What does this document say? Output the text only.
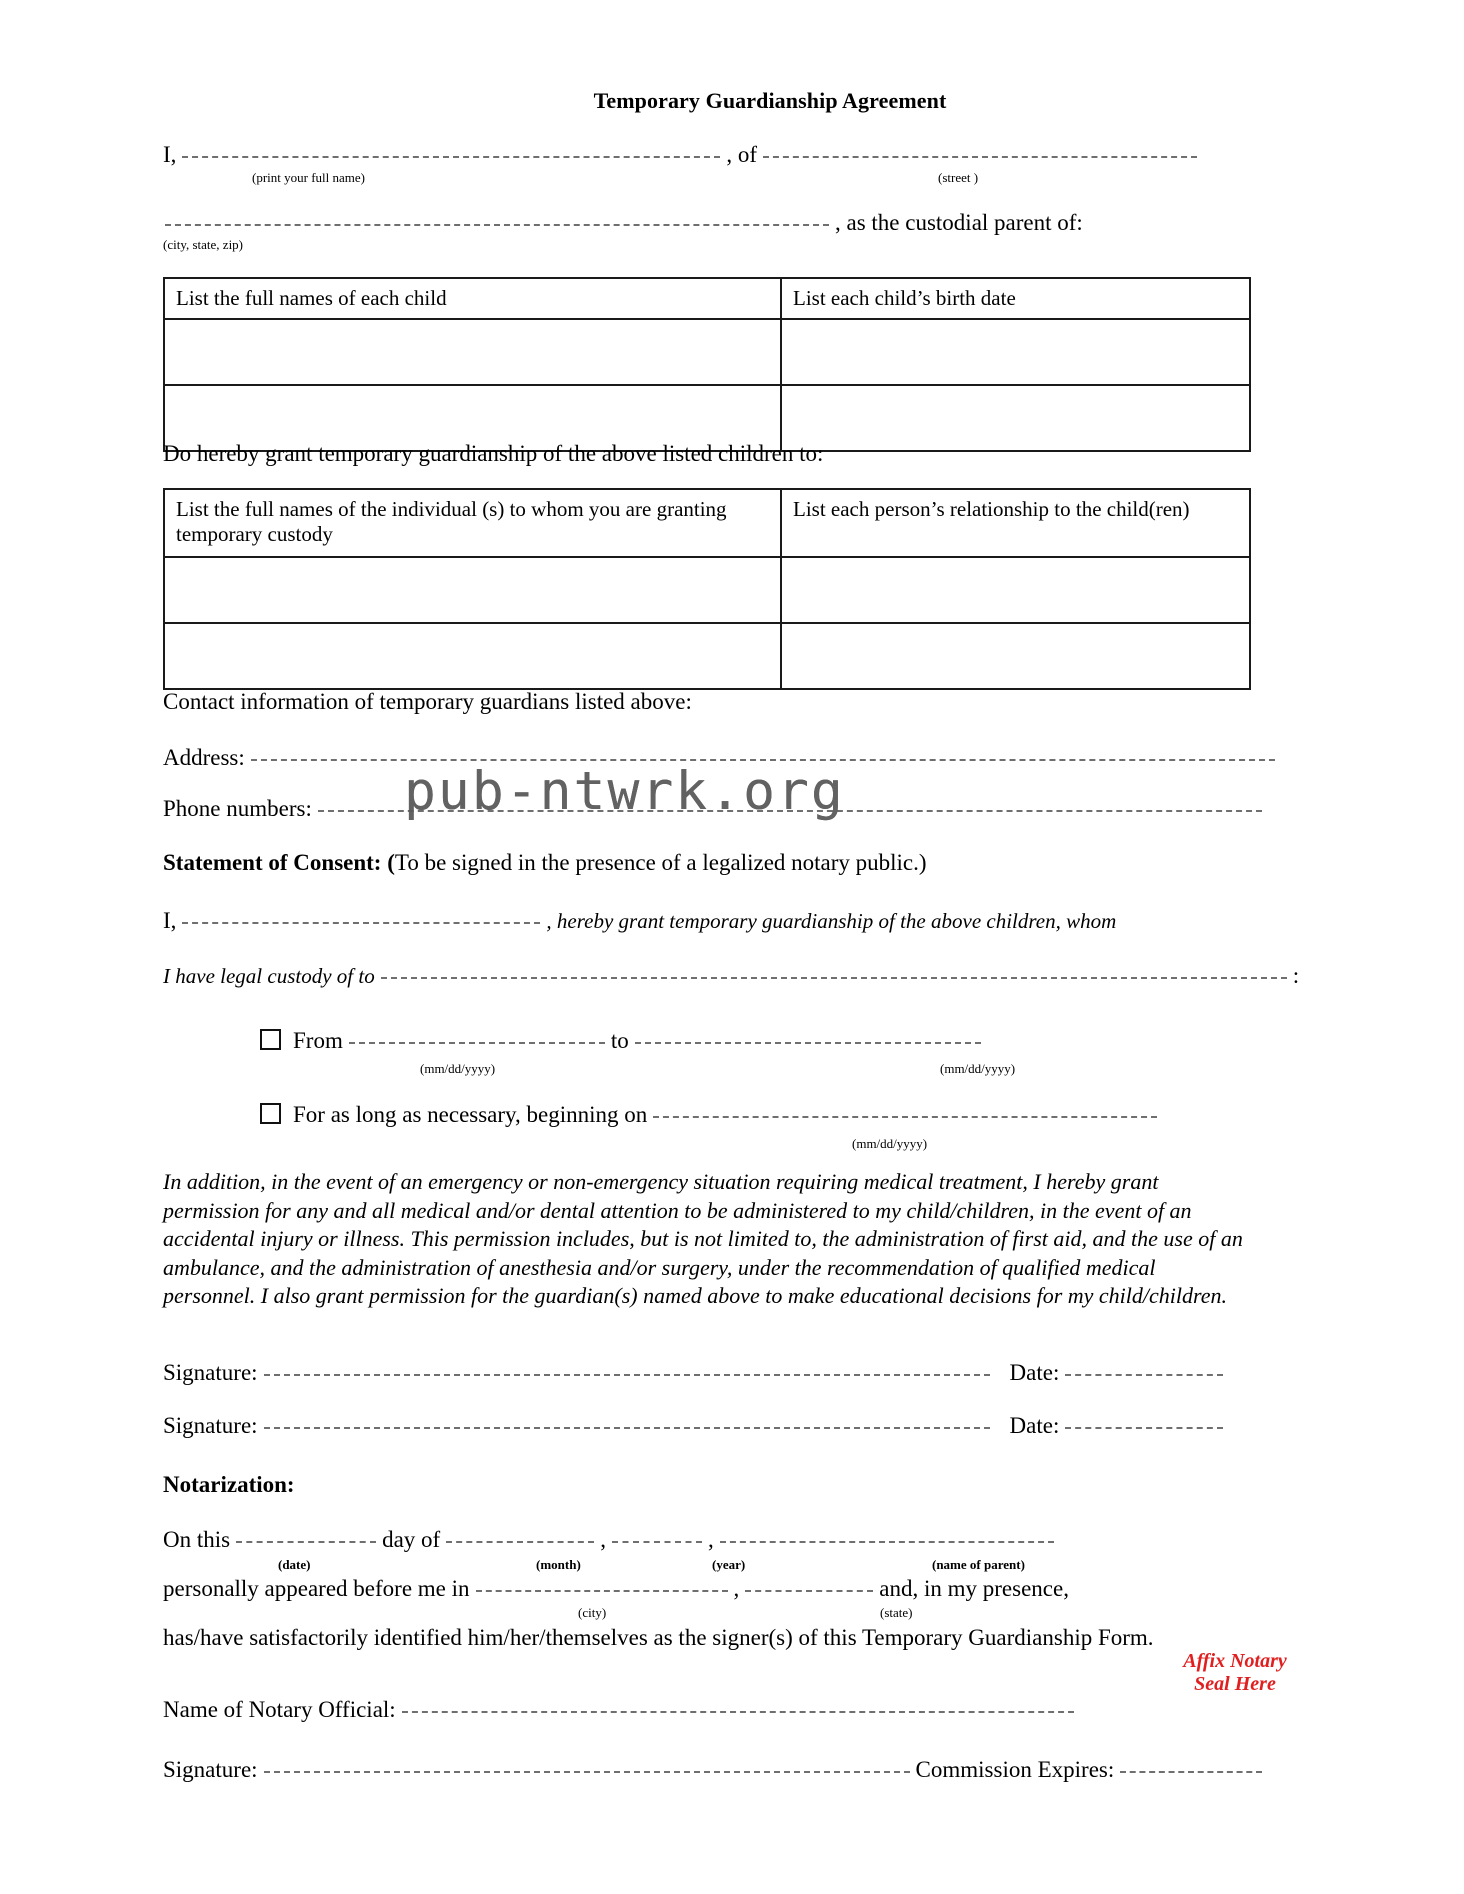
Temporary Guardianship Agreement
I,	, of
(print your full name)	(street )
, as the custodial parent of:
(city, state, zip)
List the full names of each child	List each child’s birth date

Do hereby grant temporary guardianship of the above listed children to:
List the full names of the individual (s) to whom you are granting temporary custody	List each person’s relationship to the child(ren)

Contact information of temporary guardians listed above:
Address:
Phone numbers:
Statement of Consent: (To be signed in the presence of a legalized notary public.)
I,	, hereby grant temporary guardianship of the above children, whom
I have legal custody of to	:
From	to
(mm/dd/yyyy)	(mm/dd/yyyy)
For as long as necessary, beginning on
(mm/dd/yyyy)
In addition, in the event of an emergency or non-emergency situation requiring medical treatment, I hereby grant permission for any and all medical and/or dental attention to be administered to my child/children, in the event of an accidental injury or illness. This permission includes, but is not limited to, the administration of first aid, and the use of an ambulance, and the administration of anesthesia and/or surgery, under the recommendation of qualified medical personnel. I also grant permission for the guardian(s) named above to make educational decisions for my child/children.
Signature:	Date:
Signature:	Date:
Notarization:
On this	day of	,	,
(date)	(month)	(year)	(name of parent)
personally appeared before me in	,	and, in my presence,
(city)	(state)
has/have satisfactorily identified him/her/themselves as the signer(s) of this Temporary Guardianship Form.
Affix Notary
Seal Here
Name of Notary Official:
Signature:	Commission Expires:
pub-ntwrk.org
